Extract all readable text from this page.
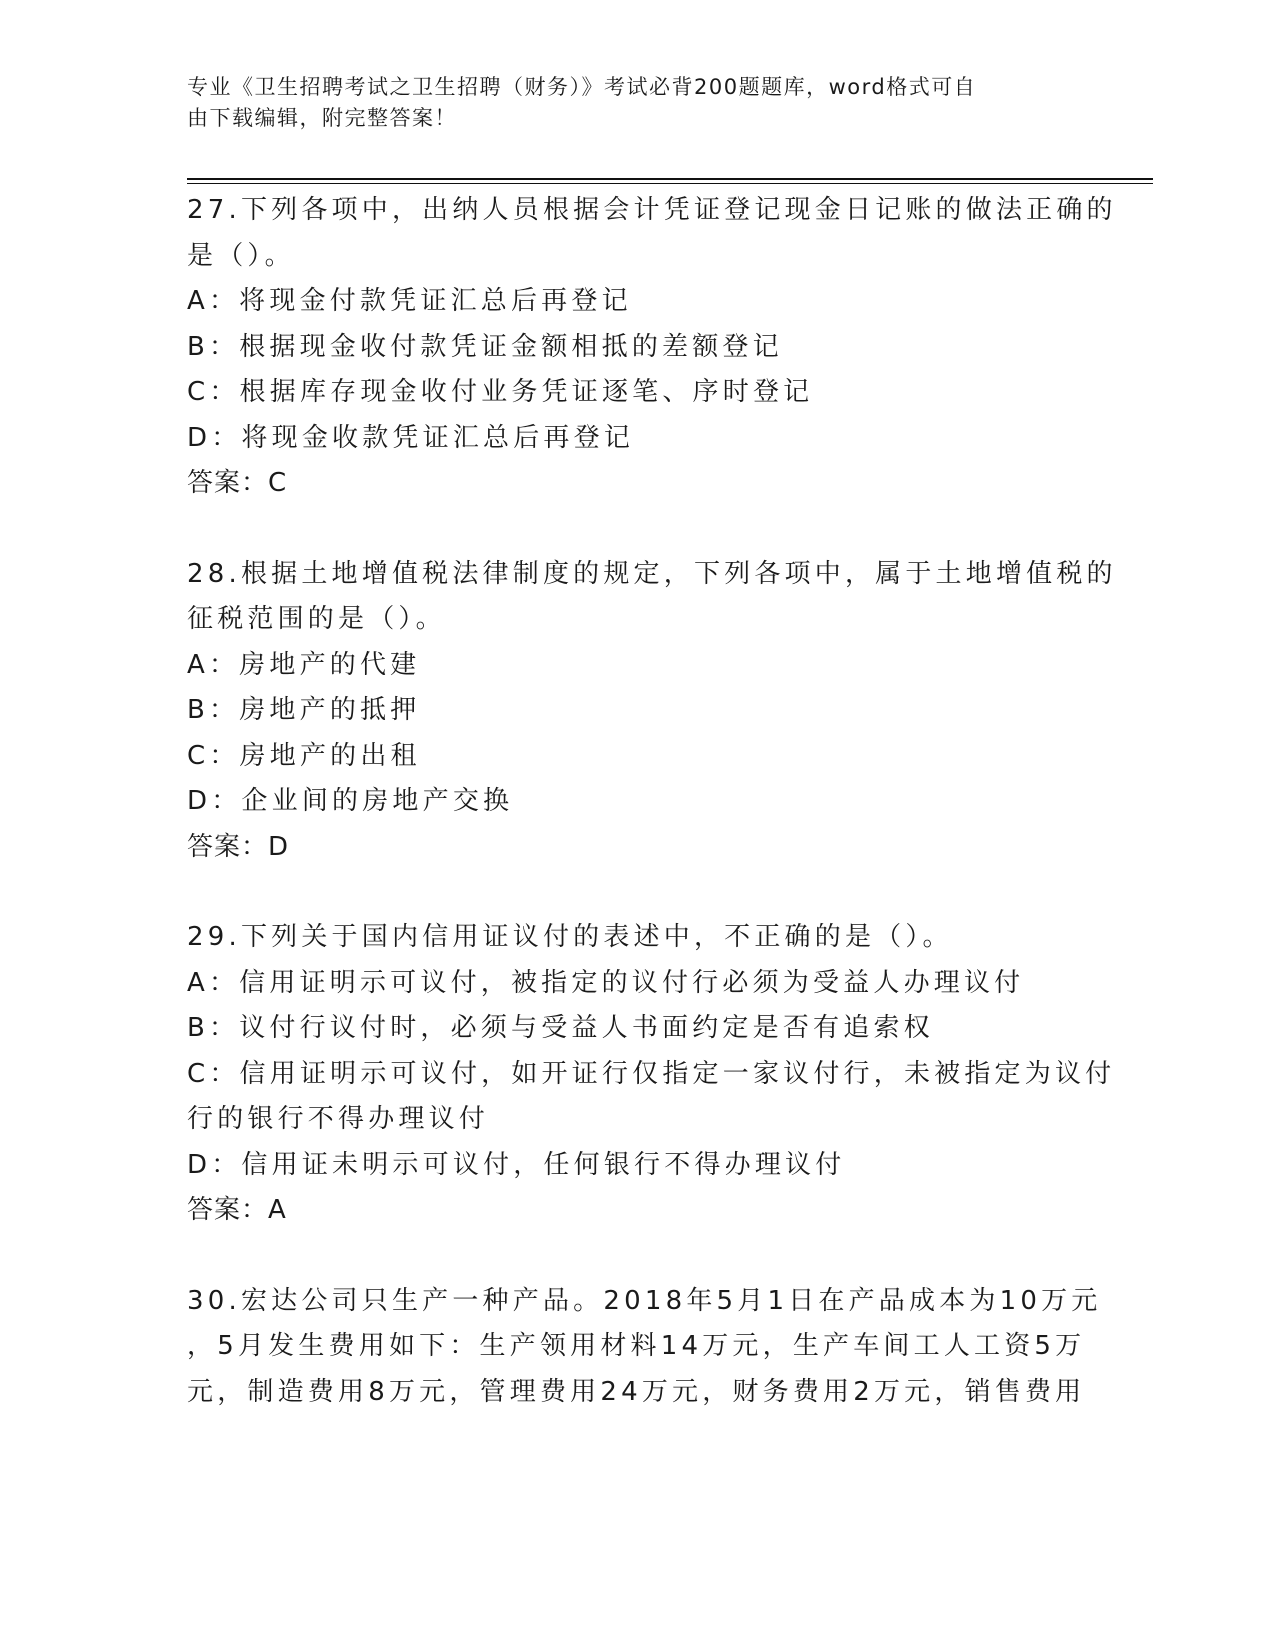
专业《卫生招聘考试之卫生招聘（财务）》考试必背200题题库，word格式可自
由下载编辑，附完整答案！
27.下列各项中，出纳人员根据会计凭证登记现金日记账的做法正确的
是（）。
A：将现金付款凭证汇总后再登记
B：根据现金收付款凭证金额相抵的差额登记
C：根据库存现金收付业务凭证逐笔、序时登记
D：将现金收款凭证汇总后再登记
答案：C
28.根据土地增值税法律制度的规定，下列各项中，属于土地增值税的
征税范围的是（）。
A：房地产的代建
B：房地产的抵押
C：房地产的出租
D：企业间的房地产交换
答案：D
29.下列关于国内信用证议付的表述中，不正确的是（）。
A：信用证明示可议付，被指定的议付行必须为受益人办理议付
B：议付行议付时，必须与受益人书面约定是否有追索权
C：信用证明示可议付，如开证行仅指定一家议付行，未被指定为议付
行的银行不得办理议付
D：信用证未明示可议付，任何银行不得办理议付
答案：A
30.宏达公司只生产一种产品。2018年5月1日在产品成本为10万元
，5月发生费用如下：生产领用材料14万元，生产车间工人工资5万
元，制造费用8万元，管理费用24万元，财务费用2万元，销售费用
